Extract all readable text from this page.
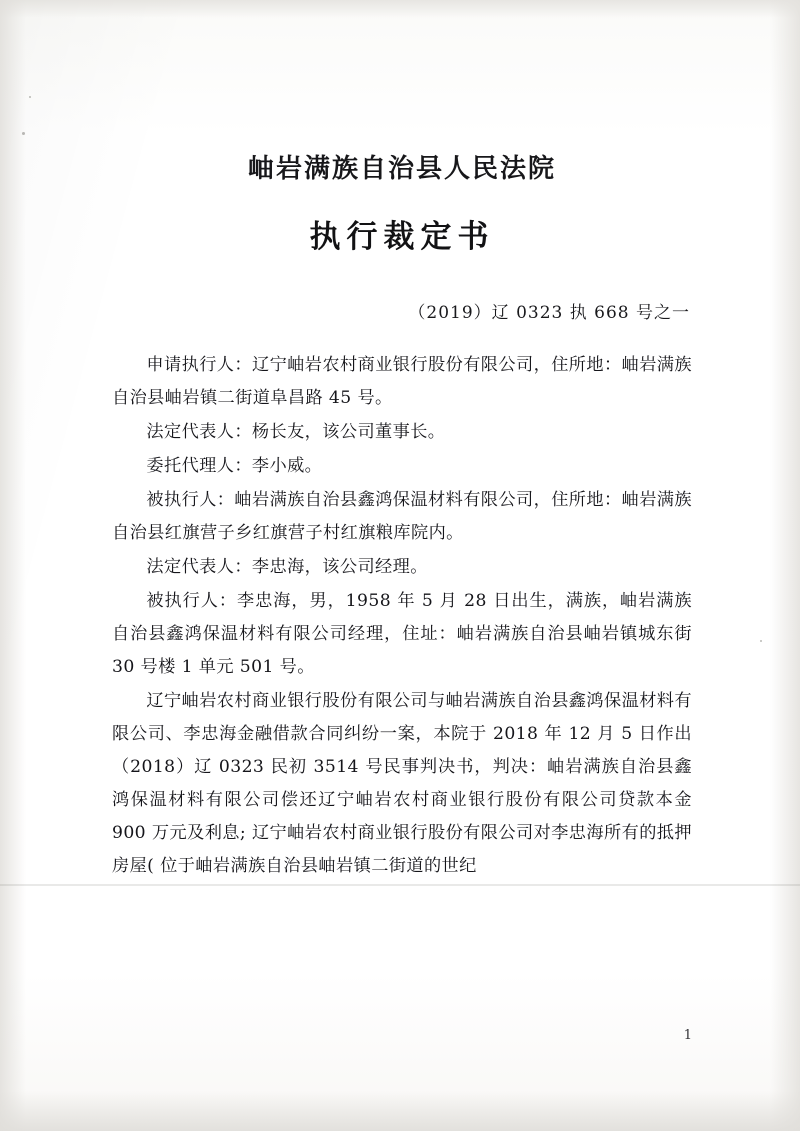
岫岩满族自治县人民法院
执行裁定书
（2019）辽 0323 执 668 号之一

申请执行人：辽宁岫岩农村商业银行股份有限公司，住所地：岫岩满族自治县岫岩镇二街道阜昌路 45 号。

法定代表人：杨长友，该公司董事长。

委托代理人：李小威。

被执行人：岫岩满族自治县鑫鸿保温材料有限公司，住所地：岫岩满族自治县红旗营子乡红旗营子村红旗粮库院内。

法定代表人：李忠海，该公司经理。

被执行人：李忠海，男，1958 年 5 月 28 日出生，满族，岫岩满族自治县鑫鸿保温材料有限公司经理，住址：岫岩满族自治县岫岩镇城东街 30 号楼 1 单元 501 号。

辽宁岫岩农村商业银行股份有限公司与岫岩满族自治县鑫鸿保温材料有限公司、李忠海金融借款合同纠纷一案，本院于 2018 年 12 月 5 日作出（2018）辽 0323 民初 3514 号民事判决书，判决：岫岩满族自治县鑫鸿保温材料有限公司偿还辽宁岫岩农村商业银行股份有限公司贷款本金 900 万元及利息; 辽宁岫岩农村商业银行股份有限公司对李忠海所有的抵押房屋( 位于岫岩满族自治县岫岩镇二街道的世纪

1
